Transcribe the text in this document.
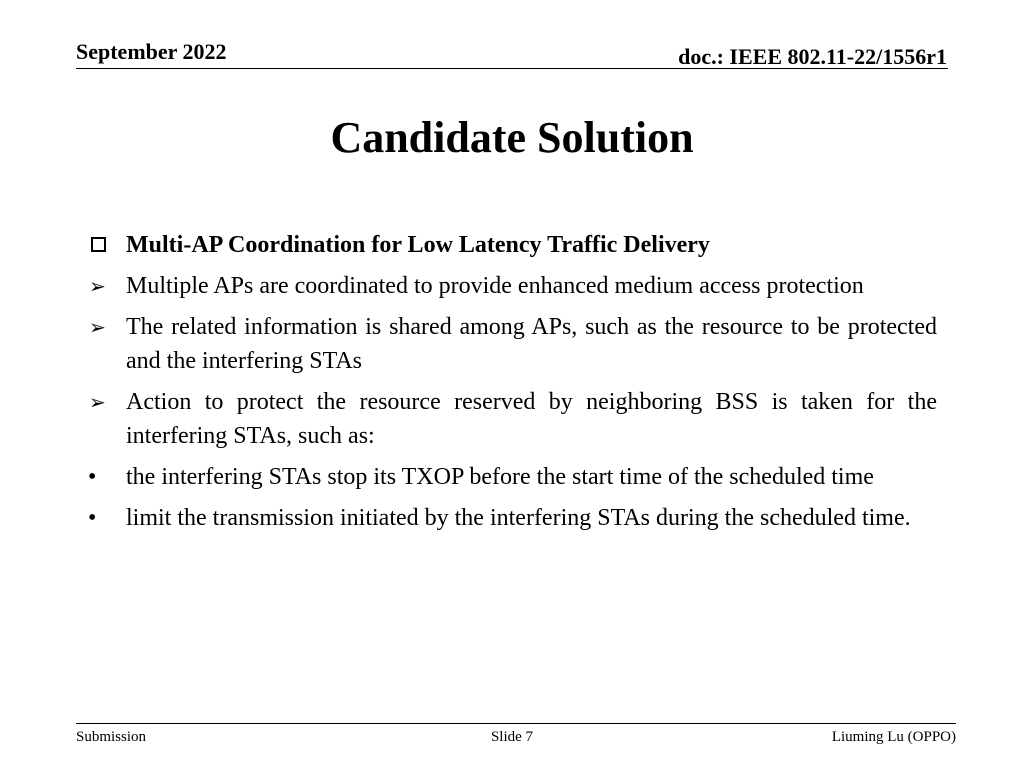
September 2022	doc.: IEEE 802.11-22/1556r1
Candidate Solution
Multi-AP Coordination for Low Latency Traffic Delivery
➢ Multiple APs are coordinated to provide enhanced medium access protection
➢ The related information is shared among APs, such as the resource to be protected and the interfering STAs
➢ Action to protect the resource reserved by neighboring BSS is taken for the interfering STAs, such as:
•	the interfering STAs stop its TXOP before the start time of the scheduled time
•	limit the transmission initiated by the interfering STAs during the scheduled time.
Submission	Slide 7	Liuming Lu (OPPO)
